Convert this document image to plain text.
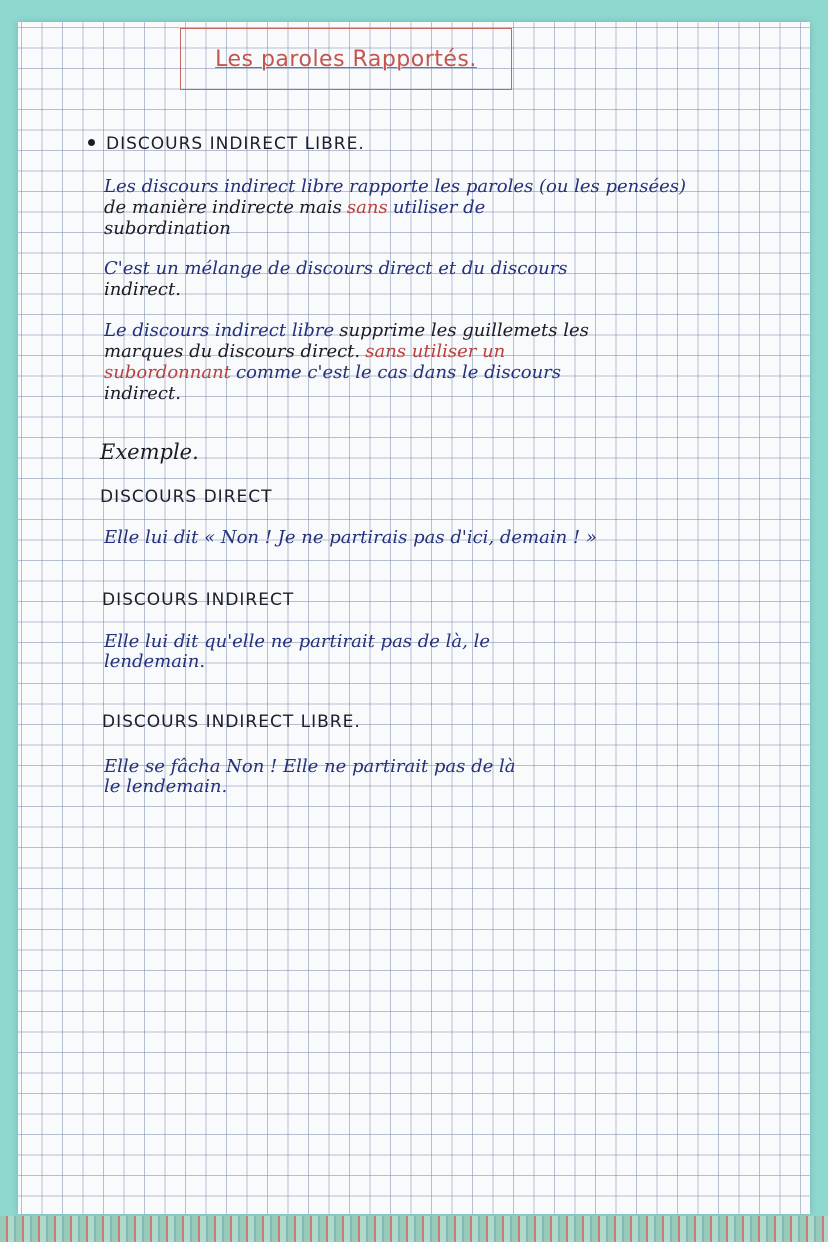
Les paroles Rapportés.
DISCOURS INDIRECT LIBRE.
Les discours indirect libre rapporte les paroles (ou les pensées)
de manière indirecte mais sans utiliser de
subordination
C'est un mélange de discours direct et du discours
indirect.
Le discours indirect libre supprime les guillemets les
marques du discours direct. sans utiliser un
subordonnant comme c'est le cas dans le discours
indirect.
Exemple.
DISCOURS DIRECT
Elle lui dit « Non ! Je ne partirais pas d'ici, demain ! »
DISCOURS INDIRECT
Elle lui dit qu'elle ne partirait pas de là, le
lendemain.
DISCOURS INDIRECT LIBRE.
Elle se fâcha Non ! Elle ne partirait pas de là
le lendemain.
